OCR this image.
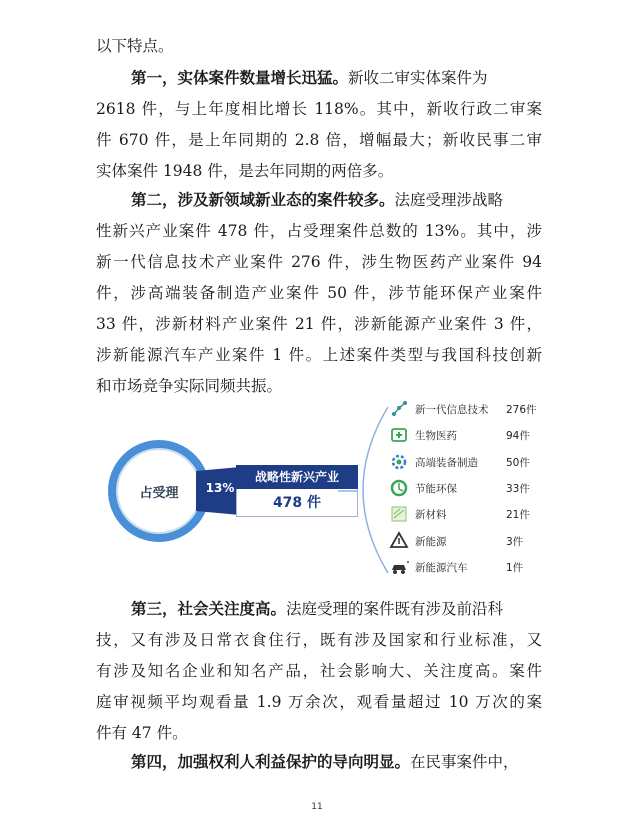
以下特点。
第一，实体案件数量增长迅猛。新收二审实体案件为
2618 件，与上年度相比增长 118%。其中，新收行政二审案
件 670 件，是上年同期的 2.8 倍，增幅最大；新收民事二审
实体案件 1948 件，是去年同期的两倍多。
第二，涉及新领域新业态的案件较多。法庭受理涉战略
性新兴产业案件 478 件，占受理案件总数的 13%。其中，涉
新一代信息技术产业案件 276 件，涉生物医药产业案件 94
件，涉高端装备制造产业案件 50 件，涉节能环保产业案件
33 件，涉新材料产业案件 21 件，涉新能源产业案件 3 件，
涉新能源汽车产业案件 1 件。上述案件类型与我国科技创新
和市场竞争实际同频共振。
占受理	13%
战略性新兴产业
478 件
新一代信息技术 276件
生物医药	94件
高端装备制造	50件
节能环保	33件
新材料	21件
新能源	3件
新能源汽车	1件
第三，社会关注度高。法庭受理的案件既有涉及前沿科
技，又有涉及日常衣食住行，既有涉及国家和行业标准，又
有涉及知名企业和知名产品，社会影响大、关注度高。案件
庭审视频平均观看量 1.9 万余次，观看量超过 10 万次的案
件有 47 件。
第四，加强权利人利益保护的导向明显。在民事案件中，
11
